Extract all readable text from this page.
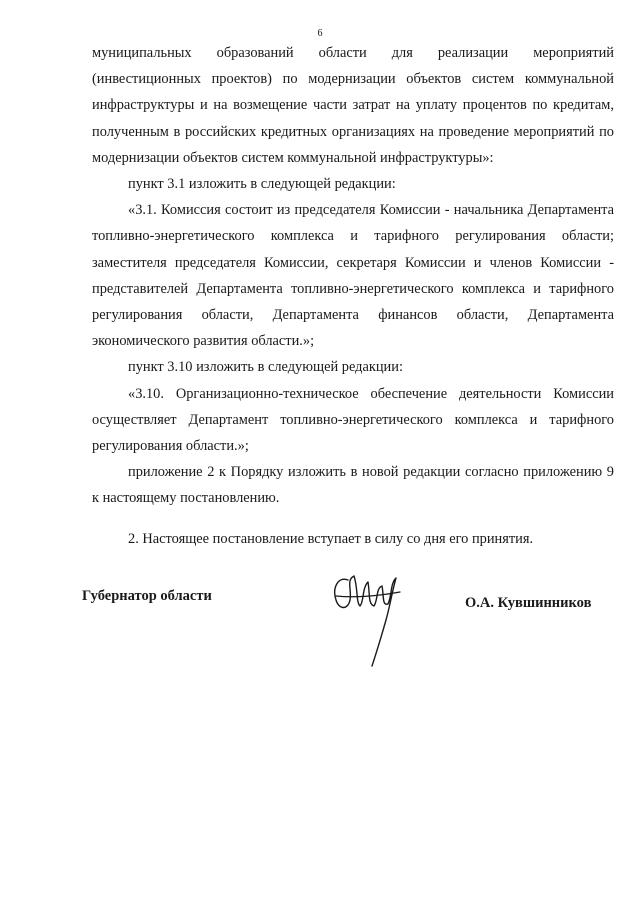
6

муниципальных образований области для реализации мероприятий (инвестиционных проектов) по модернизации объектов систем коммунальной инфраструктуры и на возмещение части затрат на уплату процентов по кредитам, полученным в российских кредитных организациях на проведение мероприятий по модернизации объектов систем коммунальной инфраструктуры»:

пункт 3.1 изложить в следующей редакции:

«3.1. Комиссия состоит из председателя Комиссии - начальника Департамента топливно-энергетического комплекса и тарифного регулирования области; заместителя председателя Комиссии, секретаря Комиссии и членов Комиссии - представителей Департамента топливно-энергетического комплекса и тарифного регулирования области, Департамента финансов области, Департамента экономического развития области.»;

пункт 3.10 изложить в следующей редакции:

«3.10. Организационно-техническое обеспечение деятельности Комиссии осуществляет Департамент топливно-энергетического комплекса и тарифного регулирования области.»;

приложение 2 к Порядку изложить в новой редакции согласно приложению 9 к настоящему постановлению.

2. Настоящее постановление вступает в силу со дня его принятия.

Губернатор области	О.А. Кувшинников
